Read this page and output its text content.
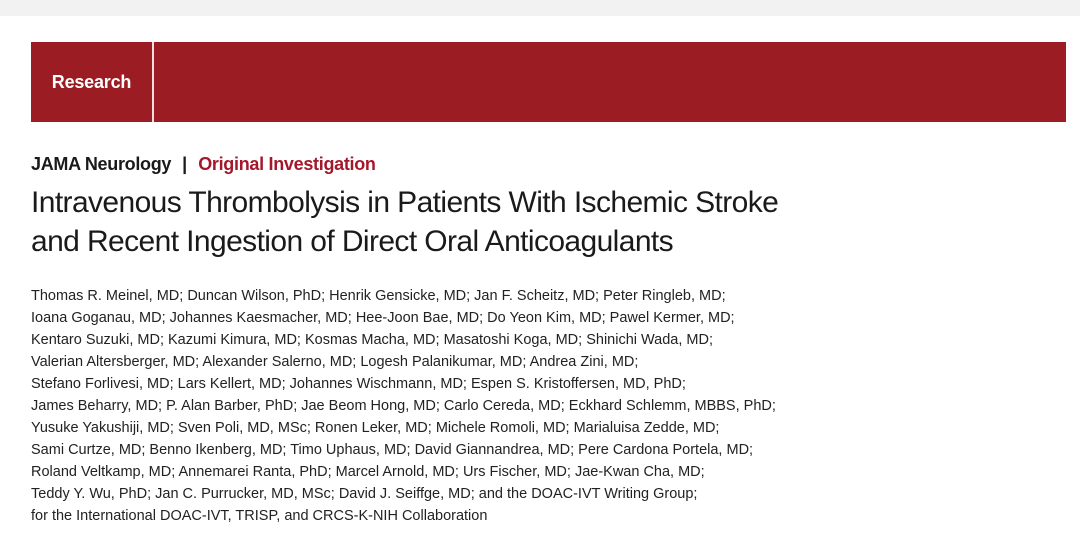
Research
JAMA Neurology | Original Investigation
Intravenous Thrombolysis in Patients With Ischemic Stroke
and Recent Ingestion of Direct Oral Anticoagulants
Thomas R. Meinel, MD; Duncan Wilson, PhD; Henrik Gensicke, MD; Jan F. Scheitz, MD; Peter Ringleb, MD;
Ioana Goganau, MD; Johannes Kaesmacher, MD; Hee-Joon Bae, MD; Do Yeon Kim, MD; Pawel Kermer, MD;
Kentaro Suzuki, MD; Kazumi Kimura, MD; Kosmas Macha, MD; Masatoshi Koga, MD; Shinichi Wada, MD;
Valerian Altersberger, MD; Alexander Salerno, MD; Logesh Palanikumar, MD; Andrea Zini, MD;
Stefano Forlivesi, MD; Lars Kellert, MD; Johannes Wischmann, MD; Espen S. Kristoffersen, MD, PhD;
James Beharry, MD; P. Alan Barber, PhD; Jae Beom Hong, MD; Carlo Cereda, MD; Eckhard Schlemm, MBBS, PhD;
Yusuke Yakushiji, MD; Sven Poli, MD, MSc; Ronen Leker, MD; Michele Romoli, MD; Marialuisa Zedde, MD;
Sami Curtze, MD; Benno Ikenberg, MD; Timo Uphaus, MD; David Giannandrea, MD; Pere Cardona Portela, MD;
Roland Veltkamp, MD; Annemarei Ranta, PhD; Marcel Arnold, MD; Urs Fischer, MD; Jae-Kwan Cha, MD;
Teddy Y. Wu, PhD; Jan C. Purrucker, MD, MSc; David J. Seiffge, MD; and the DOAC-IVT Writing Group;
for the International DOAC-IVT, TRISP, and CRCS-K-NIH Collaboration
